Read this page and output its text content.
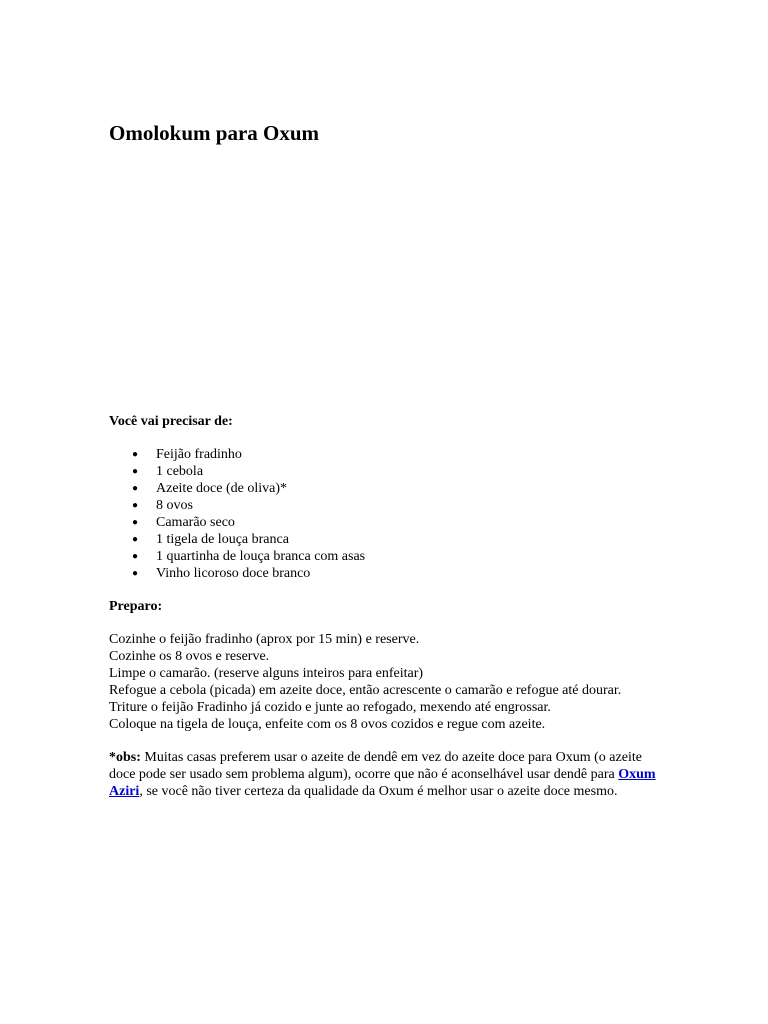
Omolokum para Oxum

Você vai precisar de:

● Feijão fradinho
● 1 cebola
● Azeite doce (de oliva)*
● 8 ovos
● Camarão seco
● 1 tigela de louça branca
● 1 quartinha de louça branca com asas
● Vinho licoroso doce branco

Preparo:

Cozinhe o feijão fradinho (aprox por 15 min) e reserve.

Cozinhe os 8 ovos e reserve.

Limpe o camarão. (reserve alguns inteiros para enfeitar)

Refogue a cebola (picada) em azeite doce, então acrescente o camarão e refogue até dourar.

Triture o feijão Fradinho já cozido e junte ao refogado, mexendo até engrossar.

Coloque na tigela de louça, enfeite com os 8 ovos cozidos e regue com azeite.

*obs: Muitas casas preferem usar o azeite de dendê em vez do azeite doce para Oxum (o azeite doce pode ser usado sem problema algum), ocorre que não é aconselhável usar dendê para Oxum Aziri, se você não tiver certeza da qualidade da Oxum é melhor usar o azeite doce mesmo.
